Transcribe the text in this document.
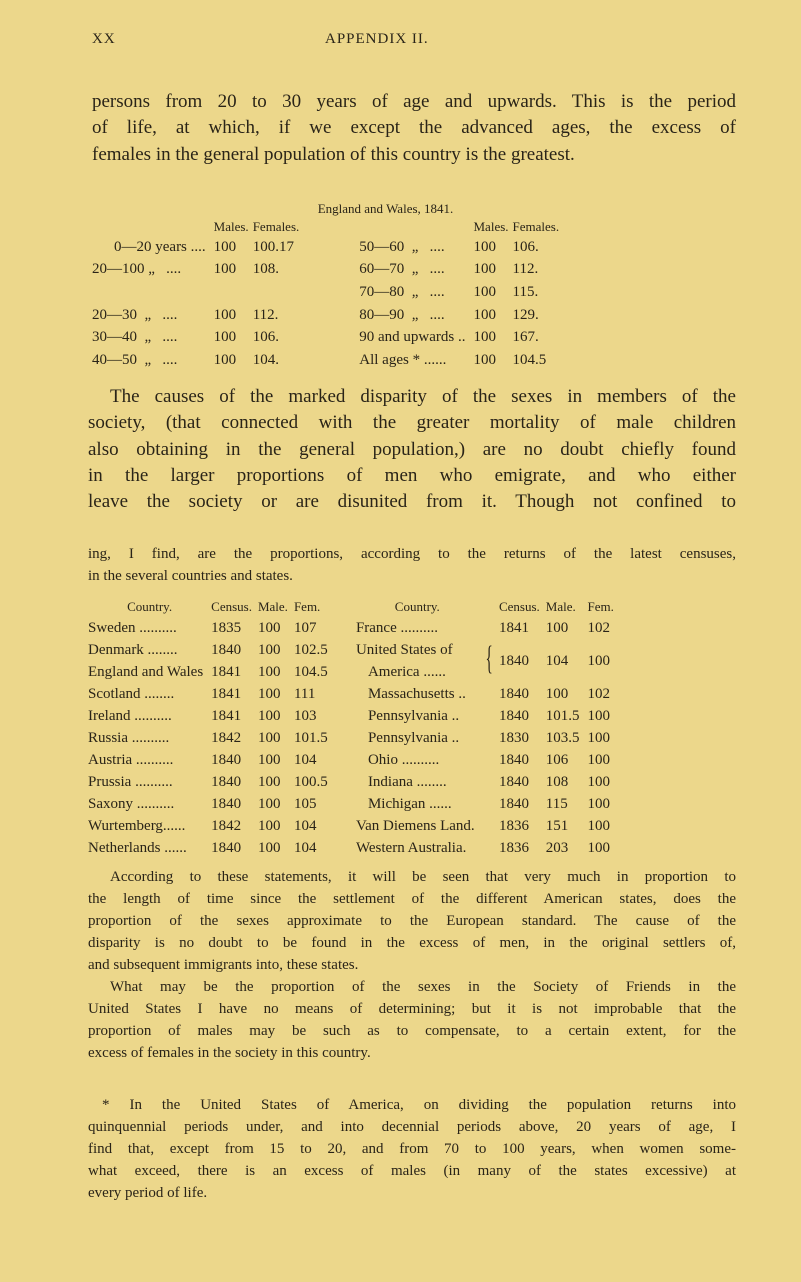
XX	APPENDIX II.
persons from 20 to 30 years of age and upwards. This is the period
of life, at which, if we except the advanced ages, the excess of
females in the general population of this country is the greatest.
England and Wales, 1841.
	Males.	Females.			Males.	Females.
0—20 years ....	100	100.17		50—60  „   ....	100	106.
20—100 „   ....	100	108.		60—70  „   ....	100	112.
				70—80  „   ....	100	115.
20—30  „   ....	100	112.		80—90  „   ....	100	129.
30—40  „   ....	100	106.		90 and upwards ..	100	167.
40—50  „   ....	100	104.		All ages * ......	100	104.5
The causes of the marked disparity of the sexes in members of the
society, (that connected with the greater mortality of male children
also obtaining in the general population,) are no doubt chiefly found
in the larger proportions of men who emigrate, and who either
leave the society or are disunited from it. Though not confined to
ing, I find, are the proportions, according to the returns of the latest censuses,
in the several countries and states.
Country.	Census.	Male.	Fem.		Country.		Census.	Male.	Fem.
Sweden ..........	1835	100	107		France ..........		1841	100	102
Denmark ........	1840	100	102.5		United States of	{	1840	104	100
England and Wales	1841	100	104.5		America ......				
Scotland ........	1841	100	111		Massachusetts ..		1840	100	102
Ireland ..........	1841	100	103		Pennsylvania ..		1840	101.5	100
Russia ..........	1842	100	101.5		Pennsylvania ..		1830	103.5	100
Austria ..........	1840	100	104		Ohio ..........		1840	106	100
Prussia ..........	1840	100	100.5		Indiana ........		1840	108	100
Saxony ..........	1840	100	105		Michigan ......		1840	115	100
Wurtemberg......	1842	100	104		Van Diemens Land.		1836	151	100
Netherlands ......	1840	100	104		Western Australia.		1836	203	100
According to these statements, it will be seen that very much in proportion to
the length of time since the settlement of the different American states, does the
proportion of the sexes approximate to the European standard. The cause of the
disparity is no doubt to be found in the excess of men, in the original settlers of,
and subsequent immigrants into, these states.
What may be the proportion of the sexes in the Society of Friends in the
United States I have no means of determining; but it is not improbable that the
proportion of males may be such as to compensate, to a certain extent, for the
excess of females in the society in this country.
* In the United States of America, on dividing the population returns into
quinquennial periods under, and into decennial periods above, 20 years of age, I
find that, except from 15 to 20, and from 70 to 100 years, when women some-
what exceed, there is an excess of males (in many of the states excessive) at
every period of life.
